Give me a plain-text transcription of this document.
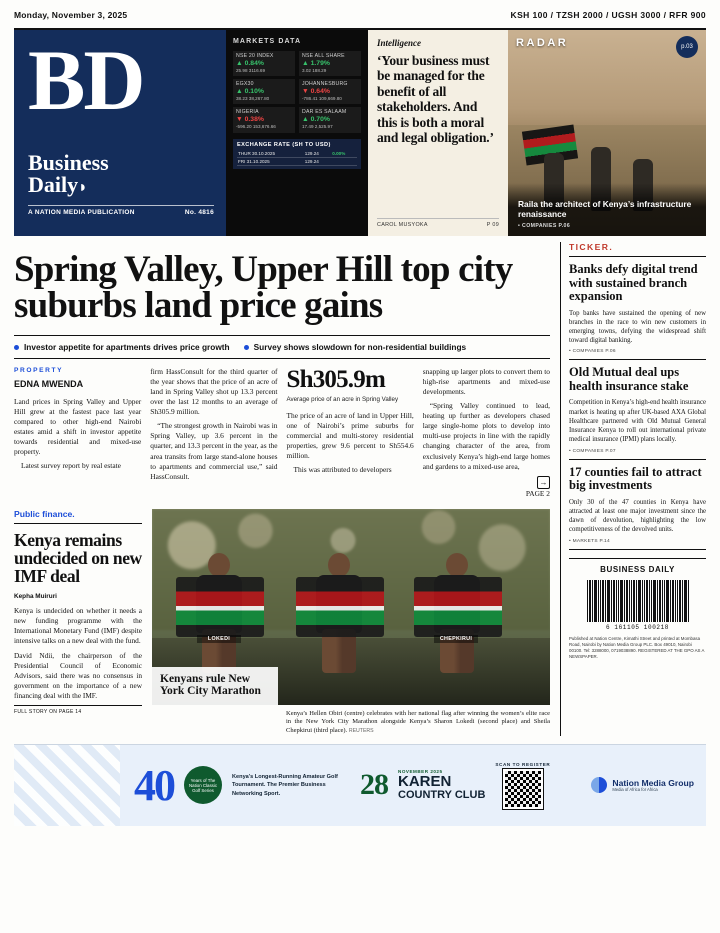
Monday, November 3, 2025	KSH 100 / TZSH 2000 / UGSH 3000 / RFR 900
BD
Business
Daily◗
A NATION MEDIA PUBLICATION	No. 4816
MARKETS DATA
NSE 20 INDEX
▲ 0.84%
25.98 3116.69
NSE ALL SHARE
▲ 1.79%
3.02 188.29
EGX30
▲ 0.10%
38.23 38,267.80
JOHANNESBURG
▼ 0.64%
-786.41 109,669.80
NIGERIA
▼ 0.38%
-596.20 153,676.66
DAR ES SALAAM
▲ 0.70%
17.49 2,525.97
EXCHANGE RATE (SH TO USD)
THUR 30.10.2025	129.24	0.00%
FRI 31.10.2025	129.24	
Intelligence
‘Your business must be managed for the benefit of all stakeholders. And this is both a moral and legal obligation.’
CAROL MUSYOKA	P 09
RADAR	p.03
Raila the architect of Kenya’s infrastructure renaissance
• COMPANIES P.06
Spring Valley, Upper Hill top city suburbs land price gains
Investor appetite for apartments drives price growth	Survey shows slowdown for non-residential buildings
PROPERTY
EDNA MWENDA

Land prices in Spring Valley and Upper Hill grew at the fastest pace last year compared to other high-end Nairobi estates amid a shift in investor appetite towards residential and mixed-use property.

Latest survey report by real estate

firm HassConsult for the third quarter of the year shows that the price of an acre of land in Spring Valley shot up 13.3 percent over the last 12 months to an average of Sh305.9 million.

“The strongest growth in Nairobi was in Spring Valley, up 3.6 percent in the quarter, and 13.3 percent in the year, as the area transits from large stand-alone houses to apartments and commercial use,” said HassConsult.

Sh305.9m
Average price of an acre in Spring Valley

The price of an acre of land in Upper Hill, one of Nairobi’s prime suburbs for commercial and multi-storey residential properties, grew 9.6 percent to Sh554.6 million.

This was attributed to developers

snapping up larger plots to convert them to high-rise apartments and mixed-use developments.

“Spring Valley continued to lead, heating up further as developers chased large single-home plots to develop into multi-use projects in line with the rapidly changing character of the area, from exclusively Kenya’s high-end large homes and gardens to a mixed-use area,

→
PAGE 2
Public finance.
Kenya remains undecided on new IMF deal
Kepha Muiruri

Kenya is undecided on whether it needs a new funding programme with the International Monetary Fund (IMF) despite intensive talks on a new deal with the fund.

David Ndii, the chairperson of the Presidential Council of Economic Advisors, said there was no consensus in government on the importance of a new financing deal with the IMF.

FULL STORY ON PAGE 14
LOKEDI	CHEPKIRUI
Kenyans rule New York City Marathon
Kenya’s Hellen Obiri (centre) celebrates with her national flag after winning the women’s elite race in the New York City Marathon alongside Kenya’s Sharon Lokedi (second place) and Sheila Chepkirui (third place). REUTERS
TICKER.
Banks defy digital trend with sustained branch expansion

Top banks have sustained the opening of new branches in the race to win new customers in emerging towns, defying the widespread shift toward digital banking.

• COMPANIES P.06
Old Mutual deal ups health insurance stake

Competition in Kenya’s high-end health insurance market is heating up after UK-based AXA Global Healthcare partnered with Old Mutual General Insurance Kenya to roll out international private medical insurance (IPMI) plans locally.

• COMPANIES P.07
17 counties fail to attract big investments

Only 30 of the 47 counties in Kenya have attracted at least one major investment since the dawn of devolution, highlighting the low competitiveness of the devolved units.

• MARKETS P.14
BUSINESS DAILY
6 161105 100218
Published at Nation Centre, Kimathi Street and printed at Mombasa Road, Nairobi by Nation Media Group PLC. Box 49010, Nairobi 00100. Tel: 3288000, 0719038890. REGISTERED AT THE GPO AS A NEWSPAPER.
40	Years of The Nation Classic Golf Series
Kenya’s Longest-Running Amateur Golf Tournament. The Premier Business Networking Sport.	28 NOVEMBER 2025
KAREN
COUNTRY CLUB
SCAN TO REGISTER
Nation Media Group
Media of Africa for Africa
